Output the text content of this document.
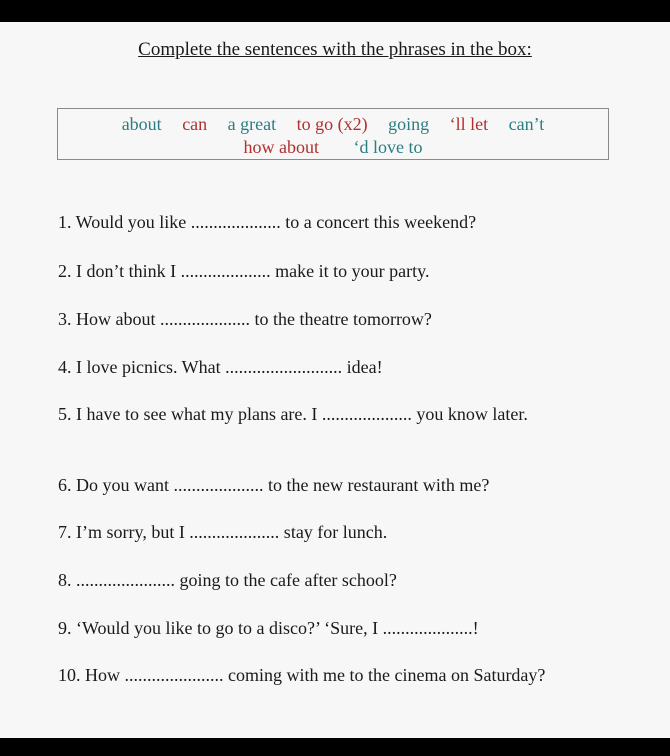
Complete the sentences with the phrases in the box:
about can a great to go (x2) going ‘ll let can’t
how about ‘d love to
1. Would you like .................... to a concert this weekend?
2. I don’t think I .................... make it to your party.
3. How about .................... to the theatre tomorrow?
4. I love picnics. What .......................... idea!
5. I have to see what my plans are. I .................... you know later.
6. Do you want .................... to the new restaurant with me?
7. I’m sorry, but I .................... stay for lunch.
8. ...................... going to the cafe after school?
9. ‘Would you like to go to a disco?’ ‘Sure, I ....................!
10. How ...................... coming with me to the cinema on Saturday?
